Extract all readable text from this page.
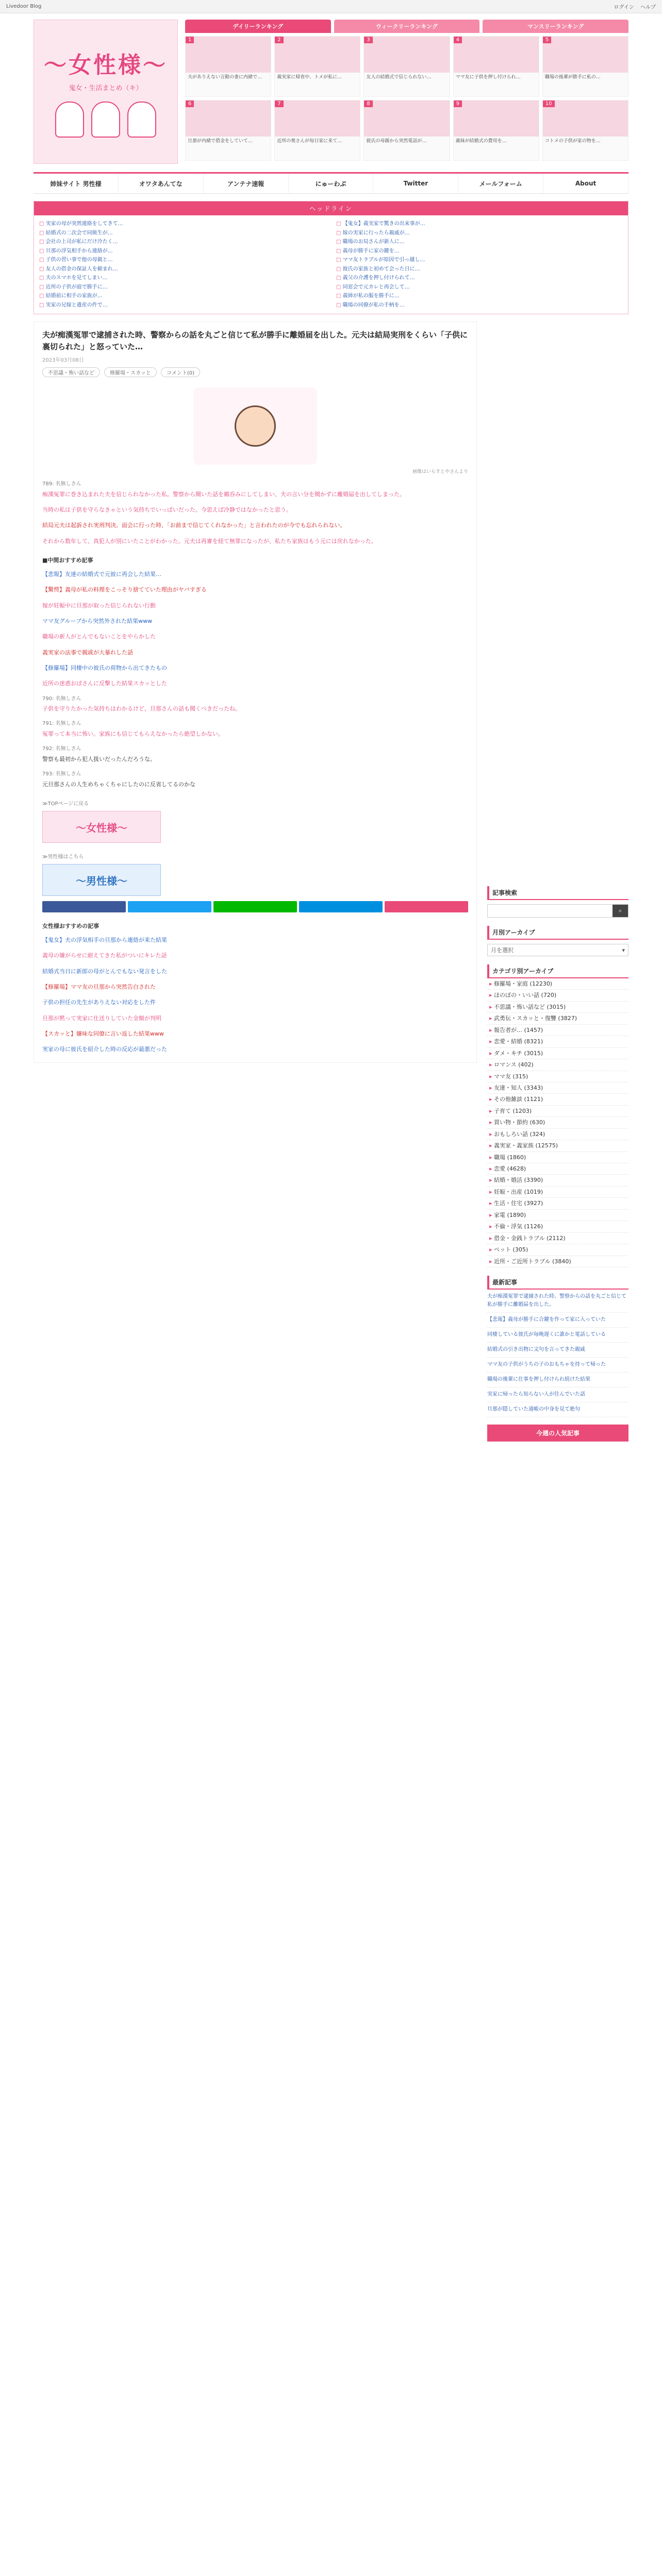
Livedoor Blog	ログイン ヘルプ
〜女性様〜
鬼女・生活まとめ（キ）
デイリーランキング	ウィークリーランキング	マンスリーランキング
1
夫がありえない言動の妻に内緒で…
2
義実家に帰省中、トメが私に…
3
友人の結婚式で信じられない…
4
ママ友に子供を押し付けられ…
5
職場の後輩が勝手に私の…
6
旦那が内緒で借金をしていて…
7
近所の奥さんが毎日家に来て…
8
彼氏の母親から突然電話が…
9
義妹が結婚式の費用を…
10
コトメの子供が家の物を…
姉妹サイト 男性様	オワタあんてな	アンテナ速報	にゅーわぷ	Twitter	メールフォーム	About
ヘッドライン
□ 実家の母が突然連絡をしてきて…	□ 【鬼女】義実家で驚きの出来事が…
□ 結婚式の二次会で同級生が…	□ 嫁の実家に行ったら親戚が…
□ 会社の上司が私にだけ冷たく…	□ 職場のお局さんが新人に…
□ 旦那の浮気相手から連絡が…	□ 義母が勝手に家の鍵を…
□ 子供の習い事で他の母親と…	□ ママ友トラブルが原因で引っ越し…
□ 友人の借金の保証人を頼まれ…	□ 彼氏の家族と初めて会った日に…
□ 夫のスマホを見てしまい…	□ 義父の介護を押し付けられて…
□ 近所の子供が庭で勝手に…	□ 同窓会で元カレと再会して…
□ 結婚前に相手の家族が…	□ 義姉が私の服を勝手に…
□ 実家の兄嫁と遺産の件で…	□ 職場の同僚が私の手柄を…
夫が痴漢冤罪で逮捕された時、警察からの話を丸ごと信じて私が勝手に離婚届を出した。元夫は結局実刑をくらい「子供に裏切られた」と怒っていた…
2023年03月08日
不思議・怖い話など	修羅場・スカッと	コメント(0)
画像はいらすとやさんより
789: 名無しさん
痴漢冤罪に巻き込まれた夫を信じられなかった私。警察から聞いた話を鵜呑みにしてしまい、夫の言い分を聞かずに離婚届を出してしまった。
当時の私は子供を守らなきゃという気持ちでいっぱいだった。今思えば冷静ではなかったと思う。
結局元夫は起訴され実刑判決。面会に行った時、「お前まで信じてくれなかった」と言われたのが今でも忘れられない。
それから数年して、真犯人が別にいたことがわかった。元夫は再審を経て無罪になったが、私たち家族はもう元には戻れなかった。
■中間おすすめ記事
【悲報】友達の結婚式で元彼に再会した結果…
【驚愕】義母が私の料理をこっそり捨てていた理由がヤバすぎる
嫁が妊娠中に旦那が取った信じられない行動
ママ友グループから突然外された結果www
職場の新人がとんでもないことをやらかした
義実家の法事で親戚が大暴れした話
【修羅場】同棲中の彼氏の荷物から出てきたもの
近所の迷惑おばさんに反撃した結果スカッとした
790: 名無しさん
子供を守りたかった気持ちはわかるけど、旦那さんの話も聞くべきだったね。
791: 名無しさん
冤罪って本当に怖い。家族にも信じてもらえなかったら絶望しかない。
792: 名無しさん
警察も最初から犯人扱いだったんだろうな。
793: 名無しさん
元旦那さんの人生めちゃくちゃにしたのに反省してるのかな
≫TOPページに戻る
〜女性様〜
≫男性様はこちら
〜男性様〜
女性様おすすめの記事
【鬼女】夫の浮気相手の旦那から連絡が来た結果
義母の嫌がらせに耐えてきた私がついにキレた話
結婚式当日に新郎の母がとんでもない発言をした
【修羅場】ママ友の旦那から突然告白された
子供の担任の先生がありえない対応をした件
旦那が黙って実家に仕送りしていた金額が判明
【スカッと】嫌味な同僚に言い返した結果www
実家の母に彼氏を紹介した時の反応が最悪だった
記事検索
⌕
月別アーカイブ
月を選択	▾
カテゴリ別アーカイブ
▸ 修羅場・家庭 (12230)
▸ ほのぼの・いい話 (720)
▸ 不思議・怖い話など (3015)
▸ 武勇伝・スカッと・復讐 (3827)
▸ 報告者が… (1457)
▸ 恋愛・結婚 (8321)
▸ ダメ・キチ (3015)
▸ ロマンス (402)
▸ ママ友 (315)
▸ 友達・知人 (3343)
▸ その他雑談 (1121)
▸ 子育て (1203)
▸ 買い物・節約 (630)
▸ おもしろい話 (324)
▸ 義実家・義家族 (12575)
▸ 職場 (1860)
▸ 恋愛 (4628)
▸ 結婚・婚活 (3390)
▸ 妊娠・出産 (1019)
▸ 生活・住宅 (3927)
▸ 家電 (1890)
▸ 不倫・浮気 (1126)
▸ 借金・金銭トラブル (2112)
▸ ペット (305)
▸ 近所・ご近所トラブル (3840)
最新記事
夫が痴漢冤罪で逮捕された時、警察からの話を丸ごと信じて私が勝手に離婚届を出した。
【悲報】義母が勝手に合鍵を作って家に入っていた
同棲している彼氏が毎晩遅くに誰かと電話している
結婚式の引き出物に文句を言ってきた親戚
ママ友の子供がうちの子のおもちゃを持って帰った
職場の後輩に仕事を押し付けられ続けた結果
実家に帰ったら知らない人が住んでいた話
旦那が隠していた通帳の中身を見て絶句
今週の人気記事
